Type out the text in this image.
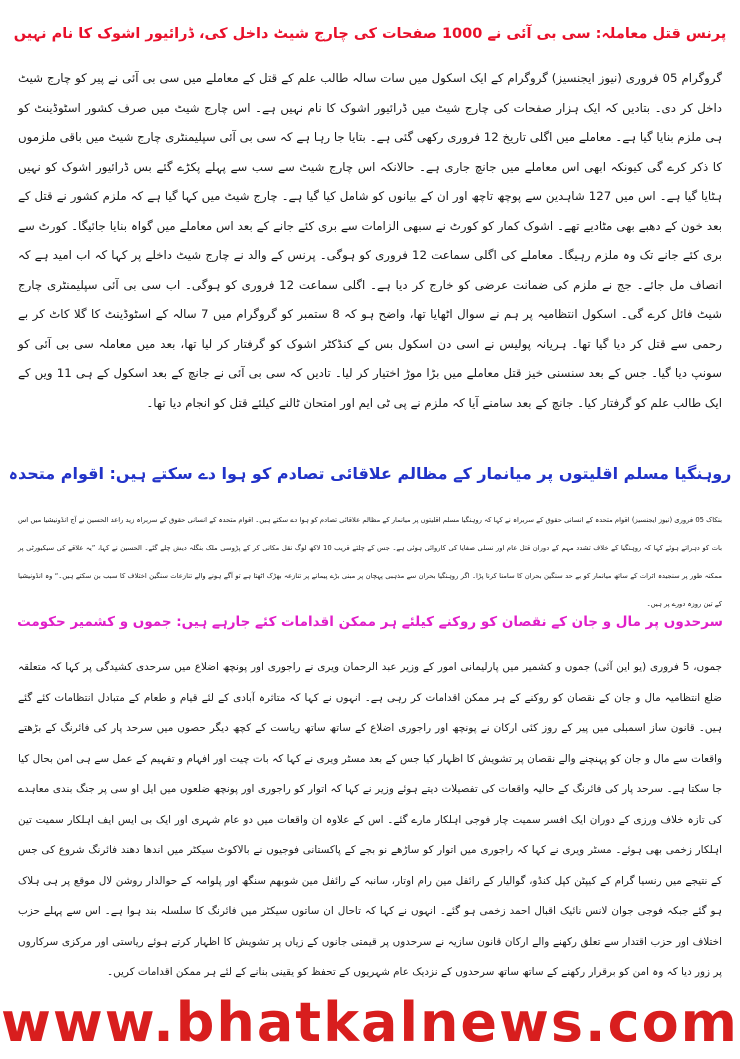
پرنس قتل معاملہ: سی بی آئی نے 1000 صفحات کی چارج شیٹ داخل کی، ڈرائیور اشوک کا نام نہیں

گروگرام 05 فروری (نیوز ایجنسیز) گروگرام کے ایک اسکول میں سات سالہ طالب علم کے قتل کے معاملے میں سی بی آئی نے پیر کو چارج شیٹ داخل کر دی۔ بتادیں کہ ایک ہزار صفحات کی چارج شیٹ میں ڈرائیور اشوک کا نام نہیں ہے۔ اس چارج شیٹ میں صرف کشور اسٹوڈینٹ کو ہی ملزم بنایا گیا ہے۔ معاملے میں اگلی تاریخ 12 فروری رکھی گئی ہے۔ بتایا جا رہا ہے کہ سی بی آئی سپلیمنٹری چارج شیٹ میں باقی ملزموں کا ذکر کرے گی کیونکہ ابھی اس معاملے میں جانچ جاری ہے۔ حالانکہ اس چارج شیٹ سے سب سے پہلے پکڑے گئے بس ڈرائیور اشوک کو نہیں ہٹایا گیا ہے۔ اس میں 127 شاہدین سے پوچھ تاچھ اور ان کے بیانوں کو شامل کیا گیا ہے۔ چارج شیٹ میں کہا گیا ہے کہ ملزم کشور نے قتل کے بعد خون کے دھبے بھی مٹادیے تھے۔ اشوک کمار کو کورٹ نے سبھی الزامات سے بری کئے جانے کے بعد اس معاملے میں گواہ بنایا جائیگا۔ کورٹ سے بری کئے جانے تک وہ ملزم رہیگا۔ معاملے کی اگلی سماعت 12 فروری کو ہوگی۔ پرنس کے والد نے چارج شیٹ داخلے پر کہا کہ اب امید ہے کہ انصاف مل جائے۔ جج نے ملزم کی ضمانت عرضی کو خارج کر دیا ہے۔ اگلی سماعت 12 فروری کو ہوگی۔ اب سی بی آئی سپلیمنٹری چارج شیٹ فائل کرے گی۔ اسکول انتظامیہ پر ہم نے سوال اٹھایا تھا، واضح ہو کہ 8 ستمبر کو گروگرام میں 7 سالہ کے اسٹوڈینٹ کا گلا کاٹ کر بے رحمی سے قتل کر دیا گیا تھا۔ ہریانہ پولیس نے اسی دن اسکول بس کے کنڈکٹر اشوک کو گرفتار کر لیا تھا، بعد میں معاملہ سی بی آئی کو سونپ دیا گیا۔ جس کے بعد سنسنی خیز قتل معاملے میں بڑا موڑ اختیار کر لیا۔ تادیں کہ سی بی آئی نے جانچ کے بعد اسکول کے ہی 11 ویں کے ایک طالب علم کو گرفتار کیا۔ جانچ کے بعد سامنے آیا کہ ملزم نے پی ٹی ایم اور امتحان ٹالنے کیلئے قتل کو انجام دیا تھا۔

روہنگیا مسلم اقلیتوں پر میانمار کے مظالم علاقائی تصادم کو ہوا دے سکتے ہیں: اقوام متحدہ

بنکاک 05 فروری (نیوز ایجنسیز) اقوام متحدہ کے انسانی حقوق کے سربراہ نے کہا کہ روہنگیا مسلم اقلیتوں پر میانمار کے مظالم علاقائی تصادم کو ہوا دے سکتے ہیں۔ اقوام متحدہ کے انسانی حقوق کے سربراہ زید راعد الحسین نے آج انڈونیشیا میں اس بات کو دہراتے ہوئے کہا کہ روہنگیا کے خلاف تشدد مہم کے دوران قتل عام اور نسلی صفایا کی کاروائی ہوئی ہے۔ جس کے چلتے قریب 10 لاکھ لوگ نقل مکانی کر کے پڑوسی ملک بنگلہ دیش چلے گئے۔ الحسین نے کہا، ”یہ علاقے کی سیکیورٹی پر ممکنہ طور پر سنجیدہ اثرات کے ساتھ میانمار کو بے حد سنگین بحران کا سامنا کرنا پڑا۔ اگر روہنگیا بحران سے مذہبی پہچان پر مبنی بڑے پیمانے پر تنازعہ بھڑک اٹھتا ہے تو آگے ہونے والے تنازعات سنگین اختلاف کا سبب بن سکتے ہیں۔“ وہ انڈونیشیا کے تین روزہ دورے پر ہیں۔

سرحدوں پر مال و جان کے نقصان کو روکنے کیلئے ہر ممکن اقدامات کئے جارہے ہیں: جموں و کشمیر حکومت

جموں، 5 فروری (یو این آئی) جموں و کشمیر میں پارلیمانی امور کے وزیر عبد الرحمان ویری نے راجوری اور پونچھ اضلاع میں سرحدی کشیدگی پر کہا کہ متعلقہ ضلع انتظامیہ مال و جان کے نقصان کو روکنے کے ہر ممکن اقدامات کر رہی ہے۔ انہوں نے کہا کہ متاثرہ آبادی کے لئے قیام و طعام کے متبادل انتظامات کئے گئے ہیں۔ قانون ساز اسمبلی میں پیر کے روز کئی ارکان نے پونچھ اور راجوری اضلاع کے ساتھ ساتھ ریاست کے کچھ دیگر حصوں میں سرحد پار کی فائرنگ کے بڑھتے واقعات سے مال و جان کو پہنچنے والے نقصان پر تشویش کا اظہار کیا جس کے بعد مسٹر ویری نے کہا کہ بات چیت اور افہام و تفہیم کے عمل سے ہی امن بحال کیا جا سکتا ہے۔ سرحد پار کی فائرنگ کے حالیہ واقعات کی تفصیلات دیتے ہوئے وزیر نے کہا کہ اتوار کو راجوری اور پونچھ ضلعوں میں ایل او سی پر جنگ بندی معاہدے کی تازہ خلاف ورزی کے دوران ایک افسر سمیت چار فوجی اہلکار مارے گئے۔ اس کے علاوہ ان واقعات میں دو عام شہری اور ایک بی ایس ایف اہلکار سمیت تین اہلکار زخمی بھی ہوئے۔ مسٹر ویری نے کہا کہ راجوری میں اتوار کو ساڑھے نو بجے کے پاکستانی فوجیوں نے بالاکوٹ سیکٹر میں اندھا دھند فائرنگ شروع کی جس کے نتیجے میں رنسیا گرام کے کیپٹن کپل کنڈو، گوالیار کے رائفل مین رام اوتار، سانبہ کے رائفل مین شوبھم سنگھ اور پلوامہ کے حوالدار روشن لال موقع پر ہی ہلاک ہو گئے جبکہ فوجی جوان لانس نائیک اقبال احمد زخمی ہو گئے۔ انہوں نے کہا کہ تاحال ان ساتوں سیکٹر میں فائرنگ کا سلسلہ بند ہوا ہے۔ اس سے پہلے حزب اختلاف اور حزب اقتدار سے تعلق رکھنے والے ارکان قانون سازیہ نے سرحدوں پر قیمتی جانوں کے زیاں پر تشویش کا اظہار کرتے ہوئے ریاستی اور مرکزی سرکاروں پر زور دیا کہ وہ امن کو برقرار رکھنے کے ساتھ ساتھ سرحدوں کے نزدیک عام شہریوں کے تحفظ کو یقینی بنانے کے لئے ہر ممکن اقدامات کریں۔

www.bhatkalnews.com
